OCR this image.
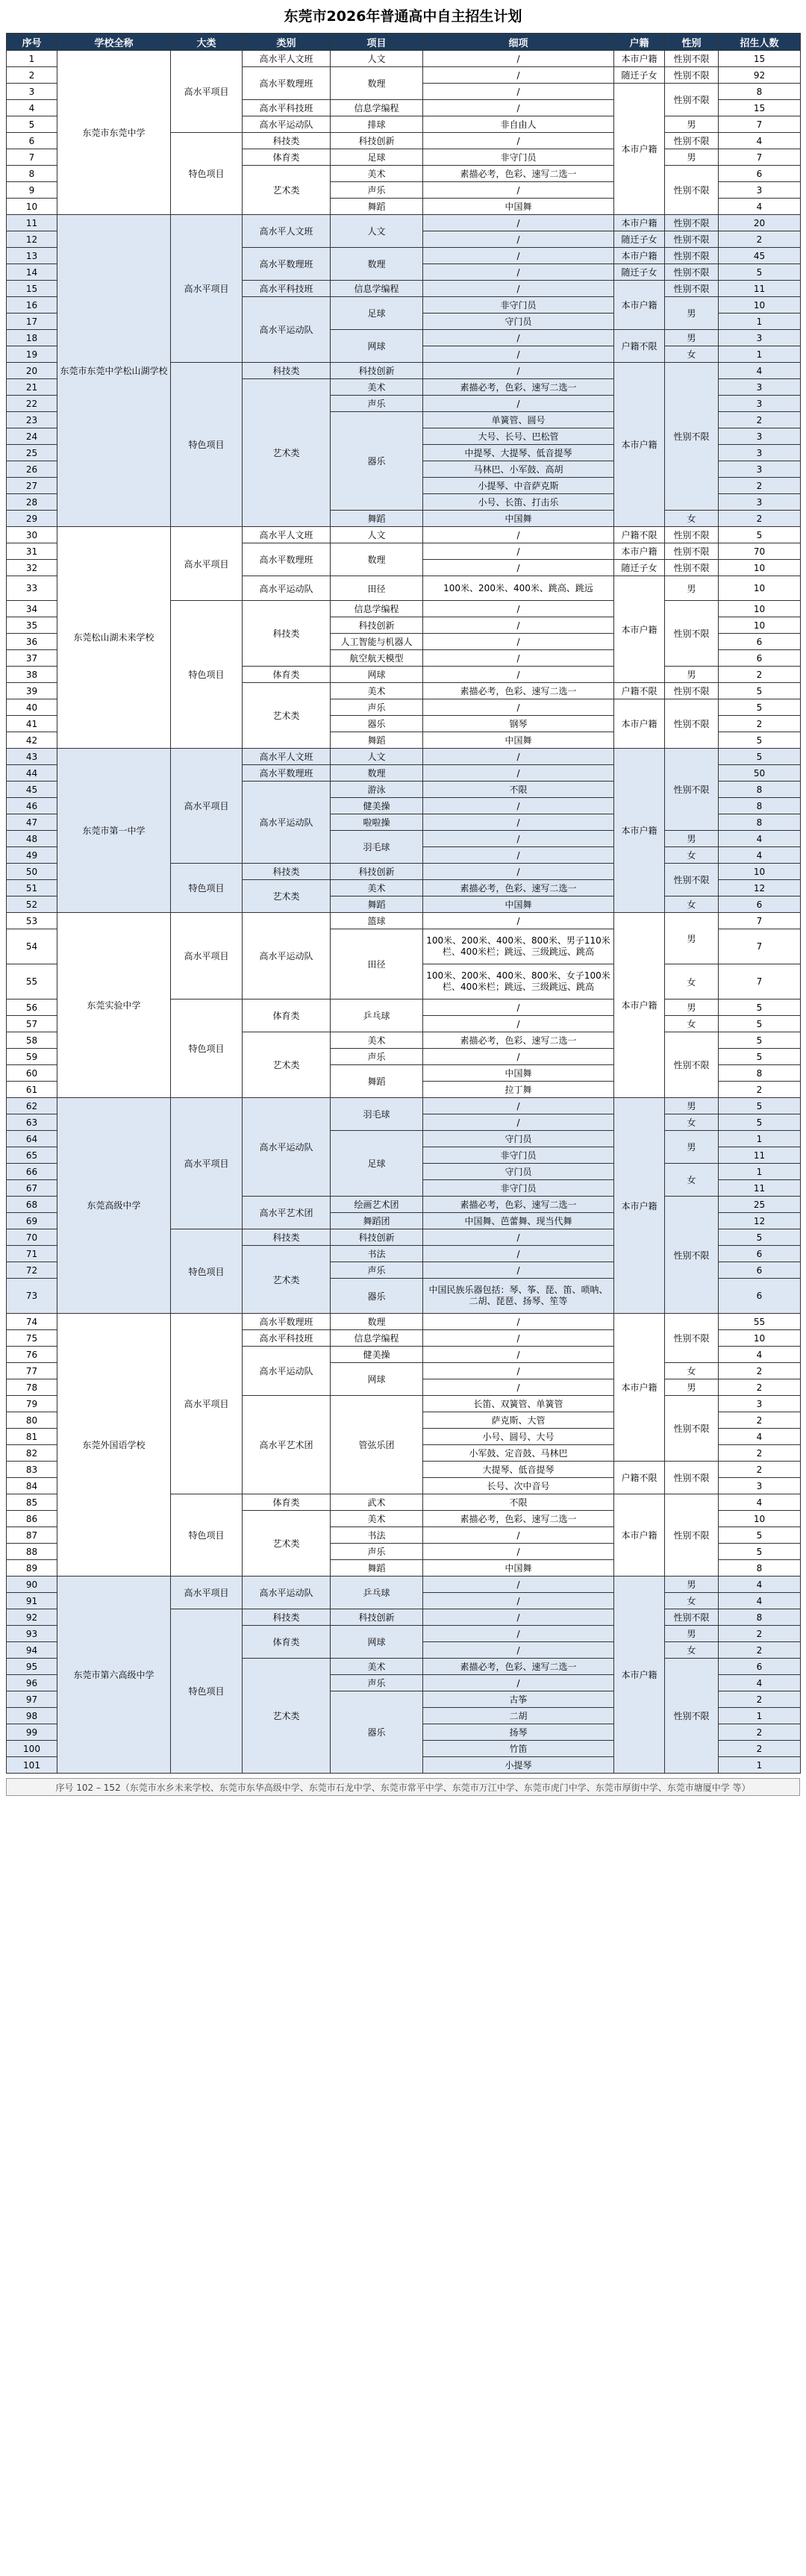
东莞市2026年普通高中自主招生计划
序号	学校全称	大类	类别	项目	细项	户籍	性别	招生人数
1	东莞市东莞中学	高水平项目	高水平人文班	人文	/	本市户籍	性别不限	15
2			高水平数理班	数理	/	随迁子女	性别不限	92
3					/	本市户籍	性别不限	8
4			高水平科技班	信息学编程	/			15
5			高水平运动队	排球	非自由人		男	7
6		特色项目	科技类	科技创新	/		性别不限	4
7			体育类	足球	非守门员		男	7
8			艺术类	美术	素描必考，色彩、速写二选一		性别不限	6
9				声乐	/			3
10				舞蹈	中国舞			4
11	东莞市东莞中学松山湖学校	高水平项目	高水平人文班	人文	/	本市户籍	性别不限	20
12					/	随迁子女	性别不限	2
13			高水平数理班	数理	/	本市户籍	性别不限	45
14					/	随迁子女	性别不限	5
15			高水平科技班	信息学编程	/	本市户籍	性别不限	11
16			高水平运动队	足球	非守门员		男	10
17					守门员			1
18				网球	/	户籍不限	男	3
19					/		女	1
20		特色项目	科技类	科技创新	/	本市户籍	性别不限	4
21			艺术类	美术	素描必考，色彩、速写二选一			3
22				声乐	/			3
23				器乐	单簧管、圆号			2
24					大号、长号、巴松管			3
25					中提琴、大提琴、低音提琴			3
26					马林巴、小军鼓、高胡			3
27					小提琴、中音萨克斯			2
28					小号、长笛、打击乐			3
29				舞蹈	中国舞		女	2
30	东莞松山湖未来学校	高水平项目	高水平人文班	人文	/	户籍不限	性别不限	5
31			高水平数理班	数理	/	本市户籍	性别不限	70
32					/	随迁子女	性别不限	10
33			高水平运动队	田径	100米、200米、400米、跳高、跳远	本市户籍	男	10
34		特色项目	科技类	信息学编程	/		性别不限	10
35				科技创新	/			10
36				人工智能与机器人	/			6
37				航空航天模型	/			6
38			体育类	网球	/		男	2
39			艺术类	美术	素描必考，色彩、速写二选一	户籍不限	性别不限	5
40				声乐	/	本市户籍	性别不限	5
41				器乐	钢琴			2
42				舞蹈	中国舞			5
43	东莞市第一中学	高水平项目	高水平人文班	人文	/	本市户籍	性别不限	5
44			高水平数理班	数理	/			50
45			高水平运动队	游泳	不限			8
46				健美操	/			8
47				啦啦操	/			8
48				羽毛球	/		男	4
49					/		女	4
50		特色项目	科技类	科技创新	/		性别不限	10
51			艺术类	美术	素描必考，色彩、速写二选一			12
52				舞蹈	中国舞		女	6
53	东莞实验中学	高水平项目	高水平运动队	篮球	/	本市户籍	男	7
54				田径	100米、200米、400米、800米、男子110米栏、400米栏；跳远、三级跳远、跳高			7
55					100米、200米、400米、800米、女子100米栏、400米栏；跳远、三级跳远、跳高		女	7
56		特色项目	体育类	乒乓球	/		男	5
57					/		女	5
58			艺术类	美术	素描必考，色彩、速写二选一		性别不限	5
59				声乐	/			5
60				舞蹈	中国舞			8
61					拉丁舞			2
62	东莞高级中学	高水平项目	高水平运动队	羽毛球	/	本市户籍	男	5
63					/		女	5
64				足球	守门员		男	1
65					非守门员			11
66					守门员		女	1
67					非守门员			11
68			高水平艺术团	绘画艺术团	素描必考，色彩、速写二选一		性别不限	25
69				舞蹈团	中国舞、芭蕾舞、现当代舞			12
70		特色项目	科技类	科技创新	/			5
71			艺术类	书法	/			6
72				声乐	/			6
73				器乐	中国民族乐器包括：琴、筝、琵、笛、唢呐、二胡、琵琶、扬琴、笙等			6
74	东莞外国语学校	高水平项目	高水平数理班	数理	/	本市户籍	性别不限	55
75			高水平科技班	信息学编程	/			10
76			高水平运动队	健美操	/			4
77				网球	/		女	2
78					/		男	2
79			高水平艺术团	管弦乐团	长笛、双簧管、单簧管		性别不限	3
80					萨克斯、大管			2
81					小号、圆号、大号			4
82					小军鼓、定音鼓、马林巴			2
83					大提琴、低音提琴	户籍不限	性别不限	2
84					长号、次中音号			3
85		特色项目	体育类	武术	不限	本市户籍	性别不限	4
86			艺术类	美术	素描必考，色彩、速写二选一			10
87				书法	/			5
88				声乐	/			5
89				舞蹈	中国舞			8
90	东莞市第六高级中学	高水平项目	高水平运动队	乒乓球	/	本市户籍	男	4
91					/		女	4
92		特色项目	科技类	科技创新	/		性别不限	8
93			体育类	网球	/		男	2
94					/		女	2
95			艺术类	美术	素描必考，色彩、速写二选一		性别不限	6
96				声乐	/			4
97				器乐	古筝			2
98					二胡			1
99					扬琴			2
100					竹笛			2
101					小提琴			1
序号 102 – 152（东莞市水乡未来学校、东莞市东华高级中学、东莞市石龙中学、东莞市常平中学、东莞市万江中学、东莞市虎门中学、东莞市厚街中学、东莞市塘厦中学 等）
